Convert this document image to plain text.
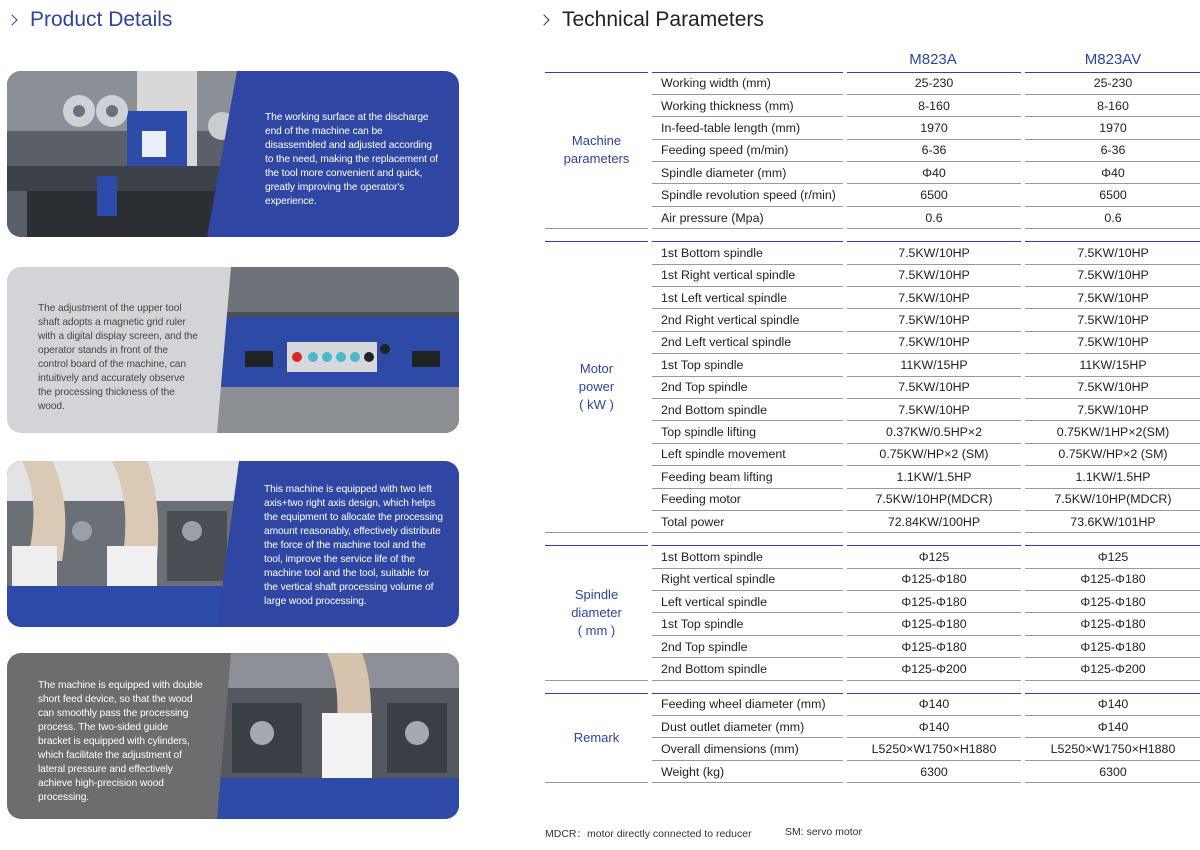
Product Details	Technical Parameters
The working surface at the discharge end of the machine can be disassembled and adjusted according to the need, making the replacement of the tool more convenient and quick, greatly improving the operator's experience.
The adjustment of the upper tool shaft adopts a magnetic grid ruler with a digital display screen, and the operator stands in front of the control board of the machine, can intuitively and accurately observe the processing thickness of the wood.
This machine is equipped with two left axis+two right axis design, which helps the equipment to allocate the processing amount reasonably, effectively distribute the force of the machine tool and the tool, improve the service life of the machine tool and the tool, suitable for the vertical shaft processing volume of large wood processing.
The machine is equipped with double short feed device, so that the wood can smoothly pass the processing process. The two-sided guide bracket is equipped with cylinders, which facilitate the adjustment of lateral pressure and effectively achieve high-precision wood processing.
		M823A	M823AV

Machine
parameters	Working width (mm)	25-230	25-230
	Working thickness (mm)	8-160	8-160
	In-feed-table length (mm)	1970	1970
	Feeding speed (m/min)	6-36	6-36
	Spindle diameter (mm)	Φ40	Φ40
	Spindle revolution speed (r/min)	6500	6500
	Air pressure (Mpa)	0.6	0.6

Motor
power
( kW )	1st Bottom spindle	7.5KW/10HP	7.5KW/10HP
	1st Right vertical spindle	7.5KW/10HP	7.5KW/10HP
	1st Left vertical spindle	7.5KW/10HP	7.5KW/10HP
	2nd Right vertical spindle	7.5KW/10HP	7.5KW/10HP
	2nd Left vertical spindle	7.5KW/10HP	7.5KW/10HP
	1st Top spindle	11KW/15HP	11KW/15HP
	2nd Top spindle	7.5KW/10HP	7.5KW/10HP
	2nd Bottom spindle	7.5KW/10HP	7.5KW/10HP
	Top spindle lifting	0.37KW/0.5HP×2	0.75KW/1HP×2(SM)
	Left spindle movement	0.75KW/HP×2 (SM)	0.75KW/HP×2 (SM)
	Feeding beam lifting	1.1KW/1.5HP	1.1KW/1.5HP
	Feeding motor	7.5KW/10HP(MDCR)	7.5KW/10HP(MDCR)
	Total power	72.84KW/100HP	73.6KW/101HP

Spindle
diameter
( mm )	1st Bottom spindle	Φ125	Φ125
	Right vertical spindle	Φ125-Φ180	Φ125-Φ180
	Left vertical spindle	Φ125-Φ180	Φ125-Φ180
	1st Top spindle	Φ125-Φ180	Φ125-Φ180
	2nd Top spindle	Φ125-Φ180	Φ125-Φ180
	2nd Bottom spindle	Φ125-Φ200	Φ125-Φ200

Remark	Feeding wheel diameter (mm)	Φ140	Φ140
	Dust outlet diameter (mm)	Φ140	Φ140
	Overall dimensions (mm)	L5250×W1750×H1880	L5250×W1750×H1880
	Weight (kg)	6300	6300
MDCR：motor directly connected to reducer	SM: servo motor
